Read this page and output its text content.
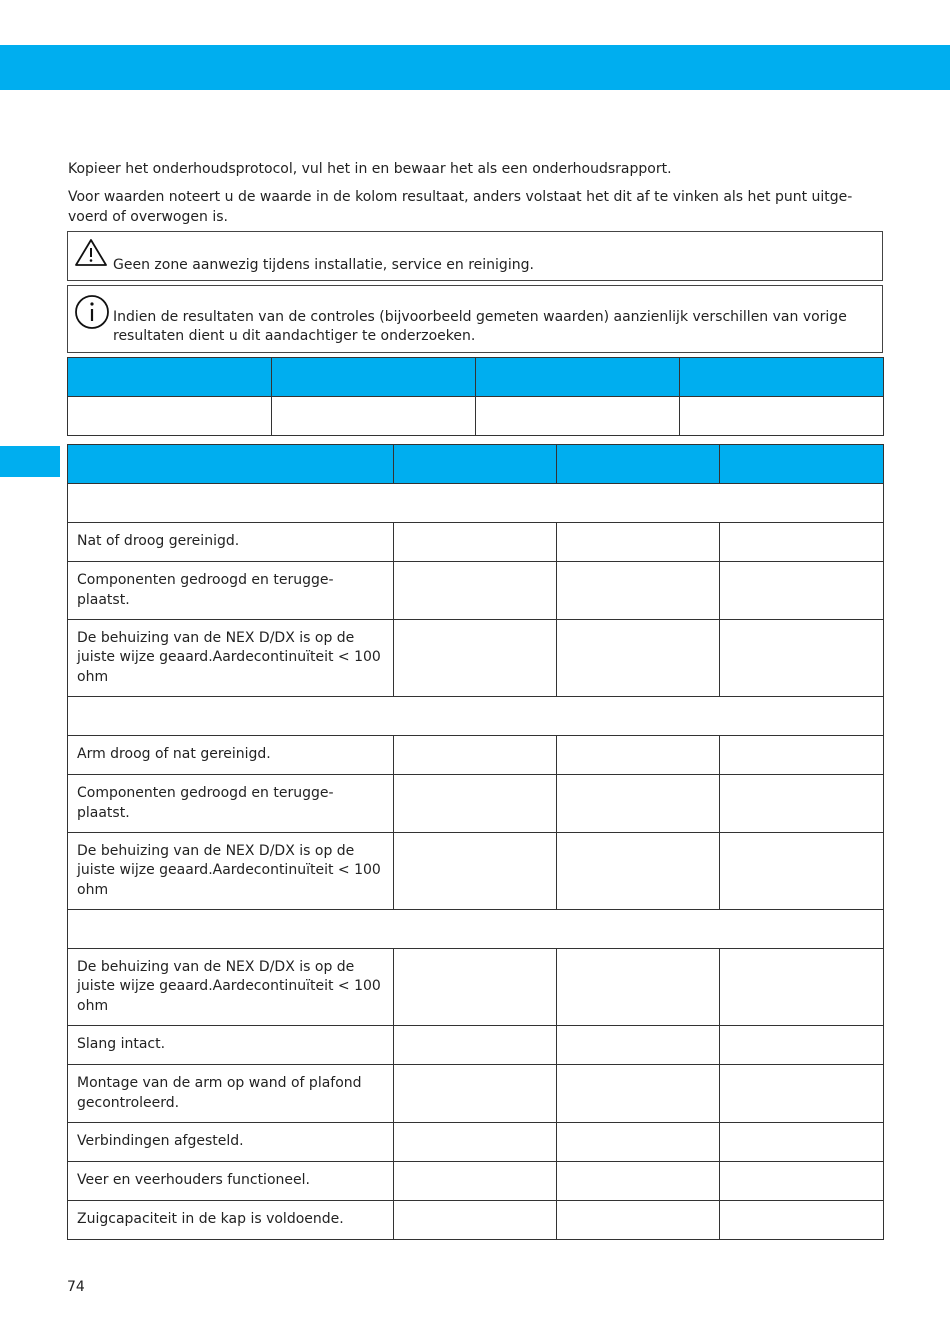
Kopieer het onderhoudsprotocol, vul het in en bewaar het als een onderhoudsrapport.

Voor waarden noteert u de waarde in de kolom resultaat, anders volstaat het dit af te vinken als het punt uitge-voerd of overwogen is.

Geen zone aanwezig tijdens installatie, service en reiniging.

Indien de resultaten van de controles (bijvoorbeeld gemeten waarden) aanzienlijk verschillen van vorige resultaten dient u dit aandachtiger te onderzoeken.

Nat of droog gereinigd.			
Componenten gedroogd en terugge-plaatst.			
De behuizing van de NEX D/DX is op de juiste wijze geaard.Aardecontinuïteit < 100 ohm			

Arm droog of nat gereinigd.			
Componenten gedroogd en terugge-plaatst.			
De behuizing van de NEX D/DX is op de juiste wijze geaard.Aardecontinuïteit < 100 ohm			

De behuizing van de NEX D/DX is op de juiste wijze geaard.Aardecontinuïteit < 100 ohm			
Slang intact.			
Montage van de arm op wand of plafond gecontroleerd.			
Verbindingen afgesteld.			
Veer en veerhouders functioneel.			
Zuigcapaciteit in de kap is voldoende.			
74
